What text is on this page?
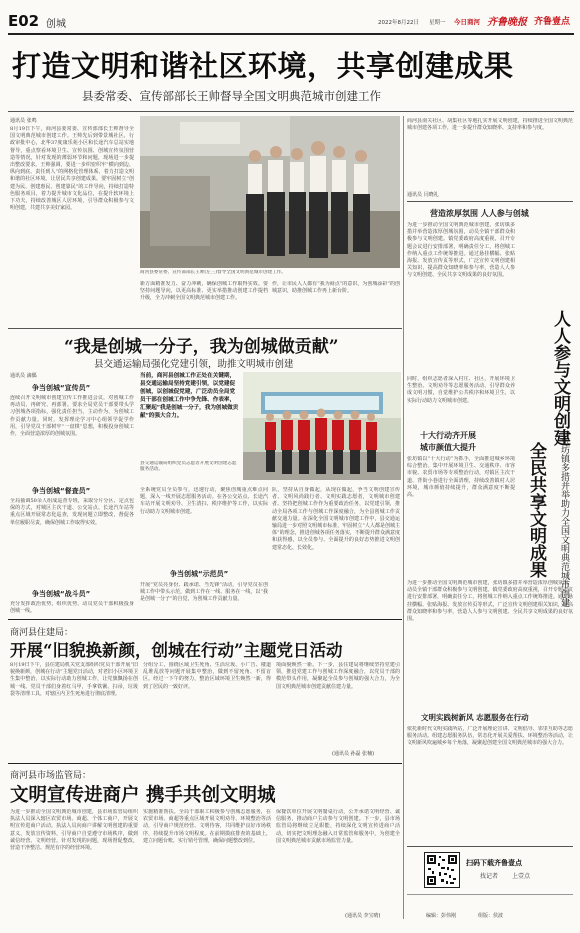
E02 创城	2022年8月22日 星期一 今日商河 齐鲁晚报 齐鲁壹点
打造文明和谐社区环境，共享创建成果
县委常委、宣传部部长王帅督导全国文明典范城市创建工作
通讯员 张鸣
8月19日下午，商河县委常委、宣传部部长王帅督导全国文明典范城市创建工作。王帅先后到带景城社区，行政审批中心，北华37度康乐苑小区和长途汽车总站实地督导，重点察看环境卫生、宣传氛围、创城宣传氛围营造等情况，针对发现的薄弱环节和问题，现场进一步提出整改要求。王帅强调，要进一步织密织牢“横向到边、纵向到底、责任到人”的网格化管理体系，着力打造文明和谐的社区环境。让居民共享创建成果。要牢固树立“创建为民、创建惠民、创建靠民”的工作导向，持续打造特色服务项目，着力提升城市文化品位，在提升软环境上下功夫，持续改善城区人居环境，引导群众积极参与文明创建，共建共享美好家园。
商河县委常委、宣传部部长王帅(左三)督导全国文明典范城市创建工作。
新方面精准发力、奋力冲刺，确保创城工作取得实效。要坚持问题导向，以更高标准、更实举措推动创建工作提档升级，全力冲刺全国文明典范城市创建工作。
作，让市民人人都有“我为商点”的意识，为创城添彩”的创城意识，助推创城工作再上新台阶。
商河县南关社区、胡集社区等地扎实开展文明创建，持续推进全国文明典范城市创建各项工作，进一步提升群众知晓率、支持率和参与度。
通讯员 闫晓礼
“我是创城一分子，我为创城做贡献”
县交通运输局强化党建引领，助推文明城市创建
通讯员 滴偶
争当创城“宣传员”
连续召开文明城市创建宣传工作推进会议，对创城工作再动员、再研究、再部署。要求全局党员干部要带头学习创城各项指标，强化责任担当，主动作为，为创城工作贡献力量。同时，发挥理论学习中心组领学促学作用，引导党员干部树牢“一盘棋”思想，积极投身创城工作，全面营造浓厚的创城氛围。
争当创城“督查员”
全局抽调50余人组成巡查专班，采取分片分区、定点包保的方式，对城区主次干道、公交站点、长途汽车站等重点区域开展常态化巡查，发现问题立即整改，督促各单位履职尽责，确保创城工作取得实效。
争当创城“战斗员”
充分发挥政治优势，组织优势，动员党员干部积极投身创城一线。
当前，商河县创城工作正处在关键期，县交通运输局坚持党建引领，以党建促创城，以创城促党建，广泛动员全局党员干部在创城工作中争先锋、作表率，汇聚起“我是创城一分子，我为创城做贡献”的强大合力。
县交通运输局组织党员志愿者开展文明创建志愿服务活动。
全系统党员全员参与，迅速行动，聚焦创城重点难点问题，深入一线开展志愿服务活动。在各公交站点、长途汽车站开展文明劝导、卫生清扫、秩序维护等工作，以实际行动助力文明城市创建。
争当创城“示范员”
开展“党员亮身份、践承诺、当先锋”活动，引导党员在创城工作中带头示范，做到工作在一线、服务在一线，以“我是创城一分子”的自觉，为创城工作贡献力量。
队，坚持从自身做起，从现在做起，争当文明创建宣传者、文明风尚践行者、文明实践志愿者，文明城市创建者。坚持把创城工作作为重要政治任务，以党建引领，推动全局各项工作与创城工作深度融合，为全县创城工作贡献交通力量。在深化全国文明城市创建工作中，县交通运输局进一步对照文明城市标准，牢固树立“人人都是创城主体”的理念，推进创城各项任务落实，不断提升群众满意度和获得感，以全员参与、全面提升的良好态势推进文明创建常态化、长效化。
营造浓厚氛围 人人参与创城
为进一步推动全国文明典范城市创建，张坊镇多措并举营造浓厚创城氛围，动员全镇干部群众积极参与文明创建。镇党委政府高度重视，召开专题会议进行安排部署，明确责任分工，将创城工作纳入重点工作统筹推进。通过悬挂横幅、张贴海报、发放宣传页等形式，广泛宣传文明创建相关知识，提高群众知晓率和参与率，营造人人参与文明创建、全民共享文明成果的良好氛围。
人人参与文明创建
全民共享文明成果	张坊镇多措并举助力全国文明典范城市创建
同时，组织志愿者深入村庄、社区，开展环境卫生整治、文明劝导等志愿服务活动，引导群众养成文明习惯，自觉维护公共秩序和环境卫生，以实际行动助力文明城市创建。
十大行动齐开展
城市颜值大提升
张坊镇以“十大行动”为抓手，全面推进城乡环境综合整治。集中开展环境卫生、交通秩序、市容市貌、农贸市场等专项整治行动，对镇区主次干道、背街小巷进行全面清理，持续改善镇村人居环境，城市颜值持续提升，群众满意度不断提高。
为进一步推动全国文明典范城市创建，张坊镇多措并举营造浓厚创城氛围，动员全镇干部群众积极参与文明创建。镇党委政府高度重视，召开专题会议进行安排部署，明确责任分工，将创城工作纳入重点工作统筹推进。通过悬挂横幅、张贴海报、发放宣传页等形式，广泛宣传文明创建相关知识，提高群众知晓率和参与率，营造人人参与文明创建、全民共享文明成果的良好氛围。
文明实践树新风 志愿服务在行动
依托新时代文明实践所站，广泛开展理论宣讲、文明倡导、邻里互助等志愿服务活动。组建志愿服务队伍，常态化开展关爱帮扶、环境整治等活动，让文明新风吹遍城乡每个角落，凝聚起创建全国文明典范城市的强大合力。
扫码下载齐鲁壹点
找记者 上壹点
编辑：彭伟刚	组版：侯波
商河县住建局：
开展“旧貌换新颜，创城在行动”主题党日活动
8月19日下午，县住建局机关党支部组织党员干部开展“旧貌换新颜，创城在行动”主题党日活动，对老旧小区环境卫生集中整治，以实际行动助力创城工作，让党旗飘扬在创城一线。党员干部们身着红马甲，手拿铁锹、扫帚，垃圾袋等清理工具，对辖区内卫生死角进行彻底清理。
分组分工，围绕区域卫生死角、生活垃圾、小广告、楼道乱堆乱放等问题开展集中整治，做到不留死角、不留盲区。经过一下午的努力，整治区域环境卫生焕然一新，得到了居民的一致好评。
境面貌焕然一新。下一步，县住建局将继续坚持党建引领，推进党建工作与创城工作深度融合，以党员干部的模范带头作用，凝聚起全员参与创城的强大合力，为全国文明典范城市创建贡献住建力量。
(通讯员 孙磊 张楠)
商河县市场监管局：
文明宣传进商户 携手共创文明城
为进一步推动全国文明典范城市创建，县市场监管局组织执法人员深入辖区农贸市场、商超、个体工商户，开展文明宣传进商户活动。执法人员向商户讲解文明创建的重要意义，发放宣传资料，引导商户自觉遵守市场秩序，做到诚信经营、文明经营。针对发现的问题，现场督促整改，营造干净整洁、规范有序的经营环境。
实施精准帮扶。全局干部职工积极参与创城志愿服务，在农贸市场、商超等重点区域开展文明劝导、环境整治等活动，引导商户规范经营、文明待客，共同维护良好市场秩序，持续提升市场文明程度。在前期摸底排查的基础上，建立问题台账，实行销号管理，确保问题整改到位。
保餐饮单位开展文明餐桌行动，公开承诺文明经营、诚信服务，推动商户主动参与文明创建。下一步，县市场监管局将继续立足职能，持续深化文明宣传进商户活动，切实把文明理念融入日常监管和服务中，为创建全国文明典范城市贡献市场监管力量。
(通讯员 李宝晴)
